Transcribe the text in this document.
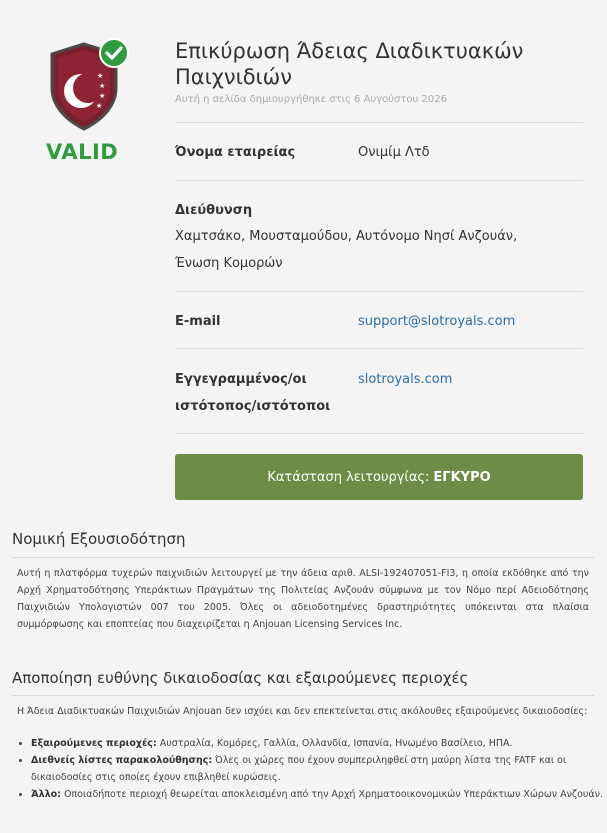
★
★
★
★
VALID
Επικύρωση Άδειας Διαδικτυακών Παιχνιδιών
Αυτή η σελίδα δημιουργήθηκε στις 6 Αυγούστου 2026
Όνομα εταιρείας	Ονιμίμ Λτδ
Διεύθυνση
Χαμτσάκο, Μουσταμούδου, Αυτόνομο Νησί Ανζουάν, Ένωση Κομορών
E-mail	support@slotroyals.com
Εγγεγραμμένος/οι ιστότοπος/ιστότοποι
slotroyals.com
Κατάσταση λειτουργίας: ΕΓΚΥΡΟ
Νομική Εξουσιοδότηση

Αυτή η πλατφόρμα τυχερών παιχνιδιών λειτουργεί με την άδεια αριθ. ALSI-192407051-FI3, η οποία εκδόθηκε από την Αρχή Χρηματοδότησης Υπεράκτιων Πραγμάτων της Πολιτείας Ανζουάν σύμφωνα με τον Νόμο περί Αδειοδότησης Παιχνιδιών Υπολογιστών 007 του 2005. Όλες οι αδειοδοτημένες δραστηριότητες υπόκεινται στα πλαίσια συμμόρφωσης και εποπτείας που διαχειρίζεται η Anjouan Licensing Services Inc.

Αποποίηση ευθύνης δικαιοδοσίας και εξαιρούμενες περιοχές

Η Άδεια Διαδικτυακών Παιχνιδιών Anjouan δεν ισχύει και δεν επεκτείνεται στις ακόλουθες εξαιρούμενες δικαιοδοσίες:

• Εξαιρούμενες περιοχές: Αυστραλία, Κομόρες, Γαλλία, Ολλανδία, Ισπανία, Ηνωμένο Βασίλειο, ΗΠΑ.
• Διεθνείς λίστες παρακολούθησης: Όλες οι χώρες που έχουν συμπεριληφθεί στη μαύρη λίστα της FATF και οι δικαιοδοσίες στις οποίες έχουν επιβληθεί κυρώσεις.
• Άλλο: Οποιαδήποτε περιοχή θεωρείται αποκλεισμένη από την Αρχή Χρηματοοικονομικών Υπεράκτιων Χώρων Ανζουάν.
